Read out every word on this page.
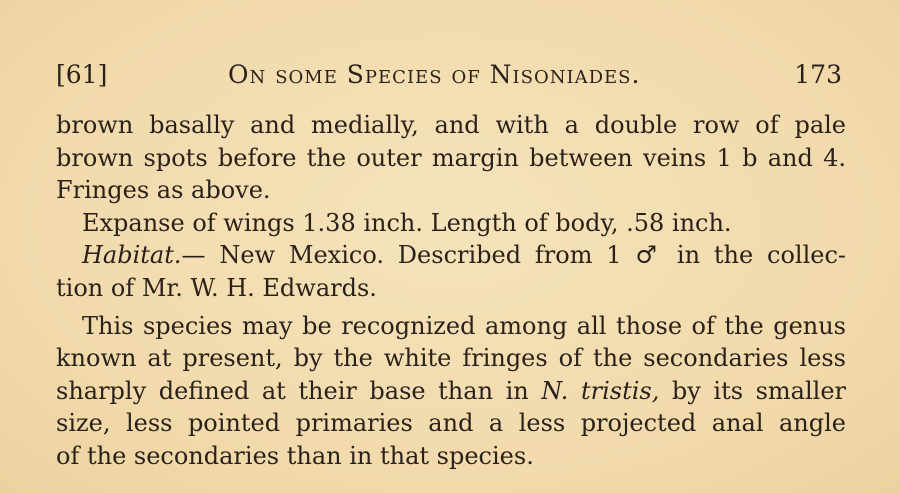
[61]	On some Species of Nisoniades.	173
brown basally and medially, and with a double row of pale
brown spots before the outer margin between veins 1 b and 4.
Fringes as above.
Expanse of wings 1.38 inch. Length of body, .58 inch.
Habitat.— New Mexico. Described from 1 ♂ in the collec-
tion of Mr. W. H. Edwards.
This species may be recognized among all those of the genus
known at present, by the white fringes of the secondaries less
sharply defined at their base than in N. tristis, by its smaller
size, less pointed primaries and a less projected anal angle
of the secondaries than in that species.
